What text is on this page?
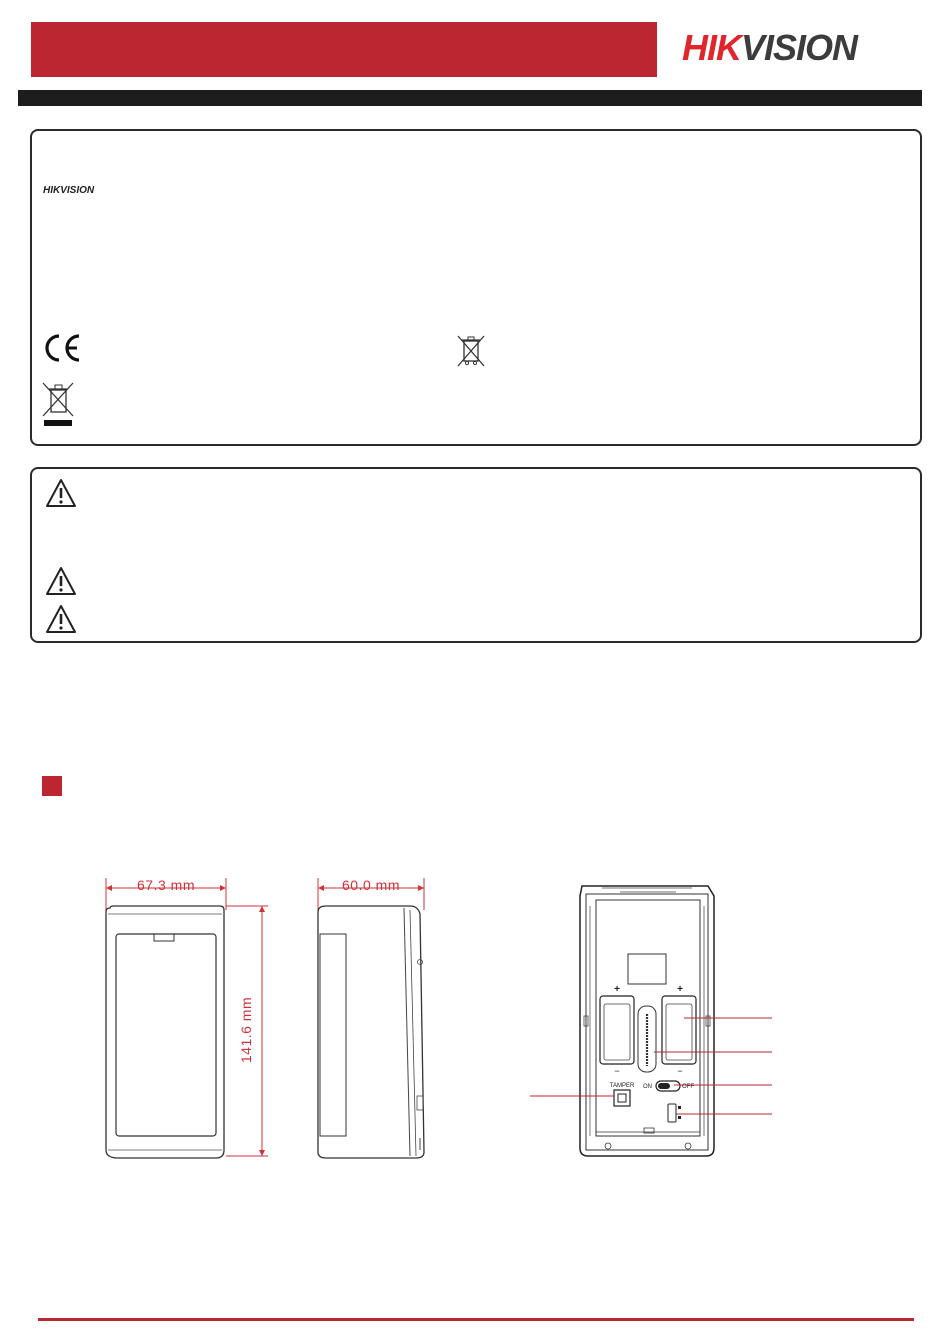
HIKVISION
HIKVISION
67.3 mm
141.6 mm
60.0 mm
+	+
−	−
ON	OFF
TAMPER
